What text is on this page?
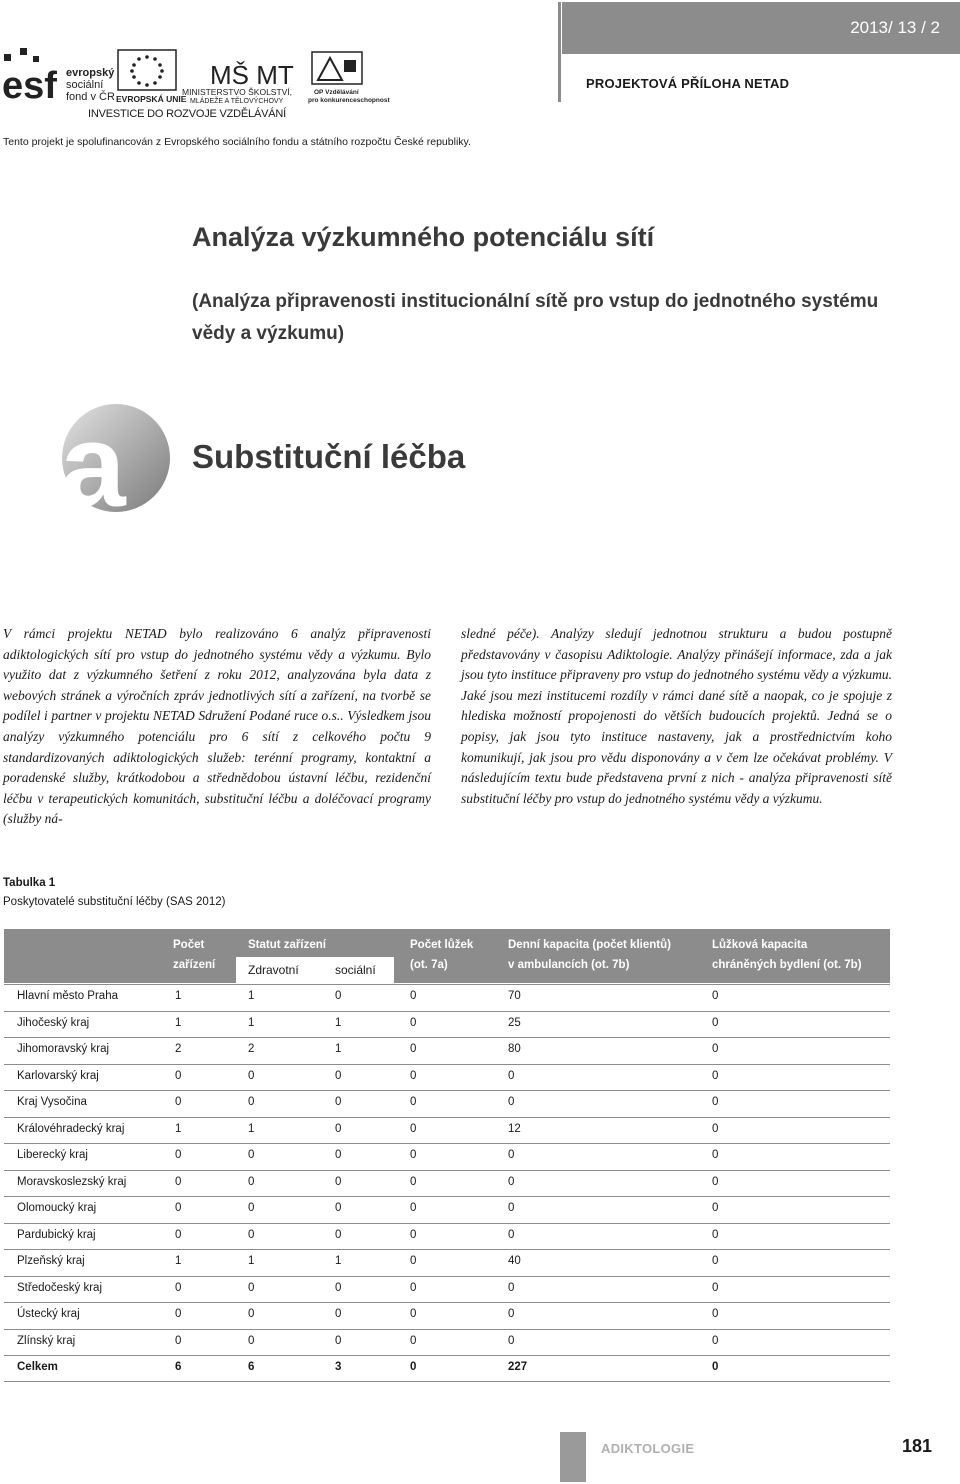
2013/ 13 / 2
PROJEKTOVÁ PŘÍLOHA NETAD
esf evropský
sociální
fond v ČR EVROPSKÁ UNIE
MŠ MT
MINISTERSTVO ŠKOLSTVÍ,
MLÁDEŽE A TĚLOVÝCHOVY
OP Vzdělávání
pro konkurenceschopnost
INVESTICE DO ROZVOJE VZDĚLÁVÁNÍ
Tento projekt je spolufinancován z Evropského sociálního fondu a státního rozpočtu České republiky.
Analýza výzkumného potenciálu sítí
(Analýza připravenosti institucionální sítě pro vstup do jednotného systému vědy a výzkumu)
a Substituční léčba
V rámci projektu NETAD bylo realizováno 6 analýz připravenosti adiktologických sítí pro vstup do jednotného systému vědy a výzkumu. Bylo využito dat z výzkumného šetření z roku 2012, analyzována byla data z webových stránek a výročních zpráv jednotlivých sítí a zařízení, na tvorbě se podílel i partner v projektu NETAD Sdružení Podané ruce o.s.. Výsledkem jsou analýzy výzkumného potenciálu pro 6 sítí z celkového počtu 9 standardizovaných adiktologických služeb: terénní programy, kontaktní a poradenské služby, krátkodobou a střednědobou ústavní léčbu, rezidenční léčbu v terapeutických komunitách, substituční léčbu a doléčovací programy (služby ná-
sledné péče). Analýzy sledují jednotnou strukturu a budou postupně představovány v časopisu Adiktologie. Analýzy přinášejí informace, zda a jak jsou tyto instituce připraveny pro vstup do jednotného systému vědy a výzkumu. Jaké jsou mezi institucemi rozdíly v rámci dané sítě a naopak, co je spojuje z hlediska možností propojenosti do větších budoucích projektů. Jedná se o popisy, jak jsou tyto instituce nastaveny, jak a prostřednictvím koho komunikují, jak jsou pro vědu disponovány a v čem lze očekávat problémy. V následujícím textu bude představena první z nich - analýza připravenosti sítě substituční léčby pro vstup do jednotného systému vědy a výzkumu.
Tabulka 1
Poskytovatelé substituční léčby (SAS 2012)
Počet
zařízení
Statut zařízení
Zdravotní	sociální
Počet lůžek
(ot. 7a)
Denní kapacita (počet klientů)
v ambulancích (ot. 7b)
Lůžková kapacita
chráněných bydlení (ot. 7b)
Hlavní město Praha	1	1	0	0	70	0
Jihočeský kraj	1	1	1	0	25	0
Jihomoravský kraj	2	2	1	0	80	0
Karlovarský kraj	0	0	0	0	0	0
Kraj Vysočina	0	0	0	0	0	0
Královéhradecký kraj	1	1	0	0	12	0
Liberecký kraj	0	0	0	0	0	0
Moravskoslezský kraj	0	0	0	0	0	0
Olomoucký kraj	0	0	0	0	0	0
Pardubický kraj	0	0	0	0	0	0
Plzeňský kraj	1	1	1	0	40	0
Středočeský kraj	0	0	0	0	0	0
Ústecký kraj	0	0	0	0	0	0
Zlínský kraj	0	0	0	0	0	0
Celkem	6	6	3	0	227	0
ADIKTOLOGIE	181
